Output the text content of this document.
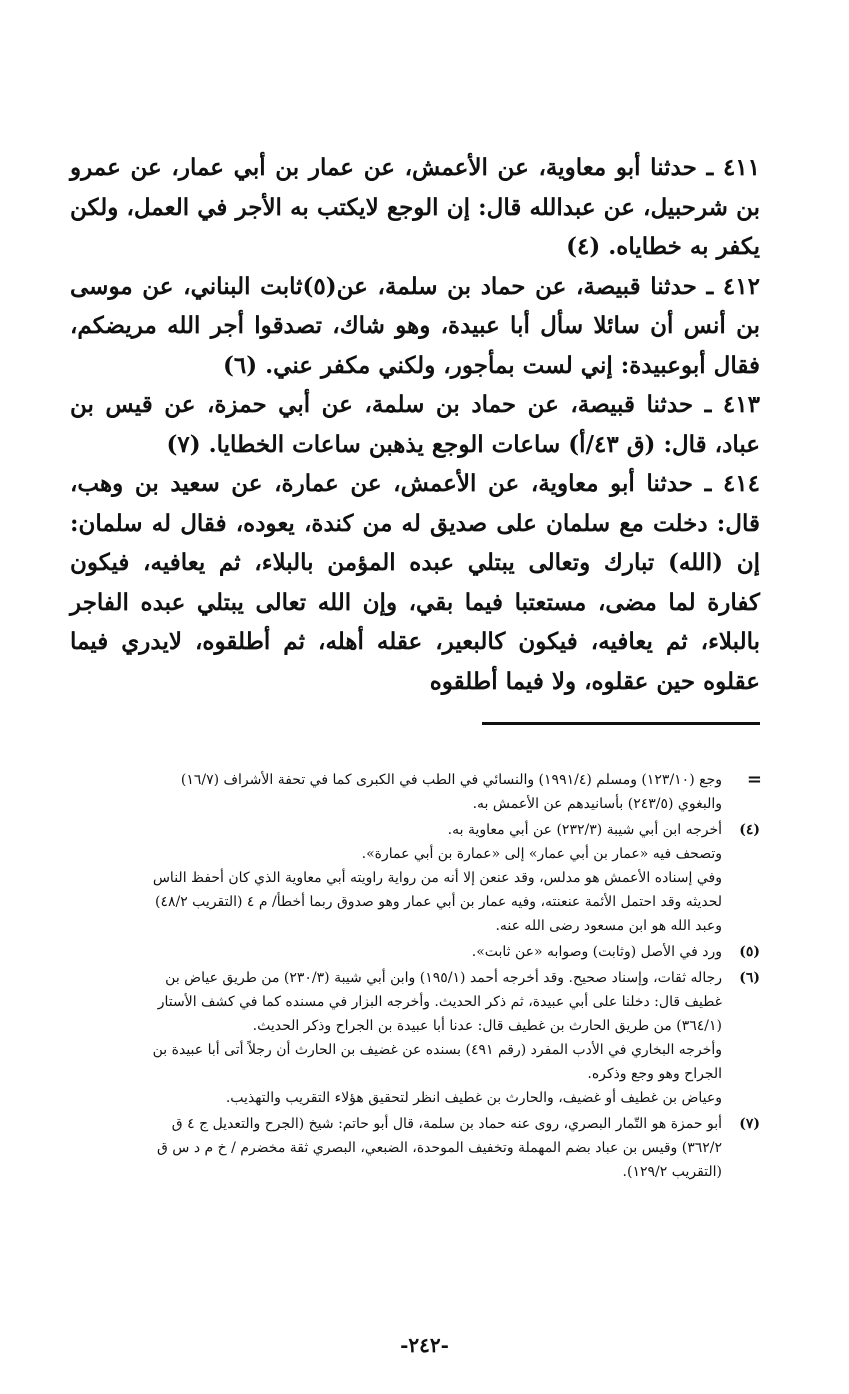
٤١١ ـ حدثنا أبو معاوية، عن الأعمش، عن عمار بن أبي عمار، عن عمرو بن شرحبيل، عن عبدالله قال: إن الوجع لايكتب به الأجر في العمل، ولكن يكفر به خطاياه. (٤)

٤١٢ ـ حدثنا قبيصة، عن حماد بن سلمة، عن(٥)ثابت البناني، عن موسى بن أنس أن سائلا سأل أبا عبيدة، وهو شاك، تصدقوا أجر الله مريضكم، فقال أبوعبيدة: إني لست بمأجور، ولكني مكفر عني. (٦)

٤١٣ ـ حدثنا قبيصة، عن حماد بن سلمة، عن أبي حمزة، عن قيس بن عباد، قال: (ق ٤٣/أ) ساعات الوجع يذهبن ساعات الخطايا. (٧)

٤١٤ ـ حدثنا أبو معاوية، عن الأعمش، عن عمارة، عن سعيد بن وهب، قال: دخلت مع سلمان على صديق له من كندة، يعوده، فقال له سلمان: إن (الله) تبارك وتعالى يبتلي عبده المؤمن بالبلاء، ثم يعافيه، فيكون كفارة لما مضى، مستعتبا فيما بقي، وإن الله تعالى يبتلي عبده الفاجر بالبلاء، ثم يعافيه، فيكون كالبعير، عقله أهله، ثم أطلقوه، لايدري فيما عقلوه حين عقلوه، ولا فيما أطلقوه

=
وجع (١٢٣/١٠) ومسلم (١٩٩١/٤) والنسائي في الطب في الكبرى كما في تحفة الأشراف (١٦/٧)
والبغوي (٢٤٣/٥) بأسانيدهم عن الأعمش به.
(٤)
أخرجه ابن أبي شيبة (٢٣٢/٣) عن أبي معاوية به.
وتصحف فيه «عمار بن أبي عمار» إلى «عمارة بن أبي عمارة».
وفي إسناده الأعمش هو مدلس، وقد عنعن إلا أنه من رواية راويته أبي معاوية الذي كان أحفظ الناس
لحديثه وقد احتمل الأئمة عنعنته، وفيه عمار بن أبي عمار وهو صدوق ربما أخطأ/ م ٤ (التقريب ٤٨/٢)
وعبد الله هو ابن مسعود رضى الله عنه.
(٥)
ورد في الأصل (وثابت) وصوابه «عن ثابت».
(٦)
رجاله ثقات، وإسناد صحيح. وقد أخرجه أحمد (١٩٥/١) وابن أبي شيبة (٢٣٠/٣) من طريق عياض بن
غطيف قال: دخلنا على أبي عبيدة، ثم ذكر الحديث. وأخرجه البزار في مسنده كما في كشف الأستار
(٣٦٤/١) من طريق الحارث بن غطيف قال: عدنا أبا عبيدة بن الجراح وذكر الحديث.
وأخرجه البخاري في الأدب المفرد (رقم ٤٩١) بسنده عن غضيف بن الحارث أن رجلاً أتى أبا عبيدة بن
الجراح وهو وجع وذكره.
وعياض بن غطيف أو غضيف، والحارث بن غطيف انظر لتحقيق هؤلاء التقريب والتهذيب.
(٧)
أبو حمزة هو التّمار البصري، روى عنه حماد بن سلمة، قال أبو حاتم: شيخ (الجرح والتعديل ج ٤ ق
٣٦٢/٢) وقيس بن عباد بضم المهملة وتخفيف الموحدة، الضبعي، البصري ثقة مخضرم / خ م د س ق
(التقريب ١٢٩/٢).
-٢٤٢-
